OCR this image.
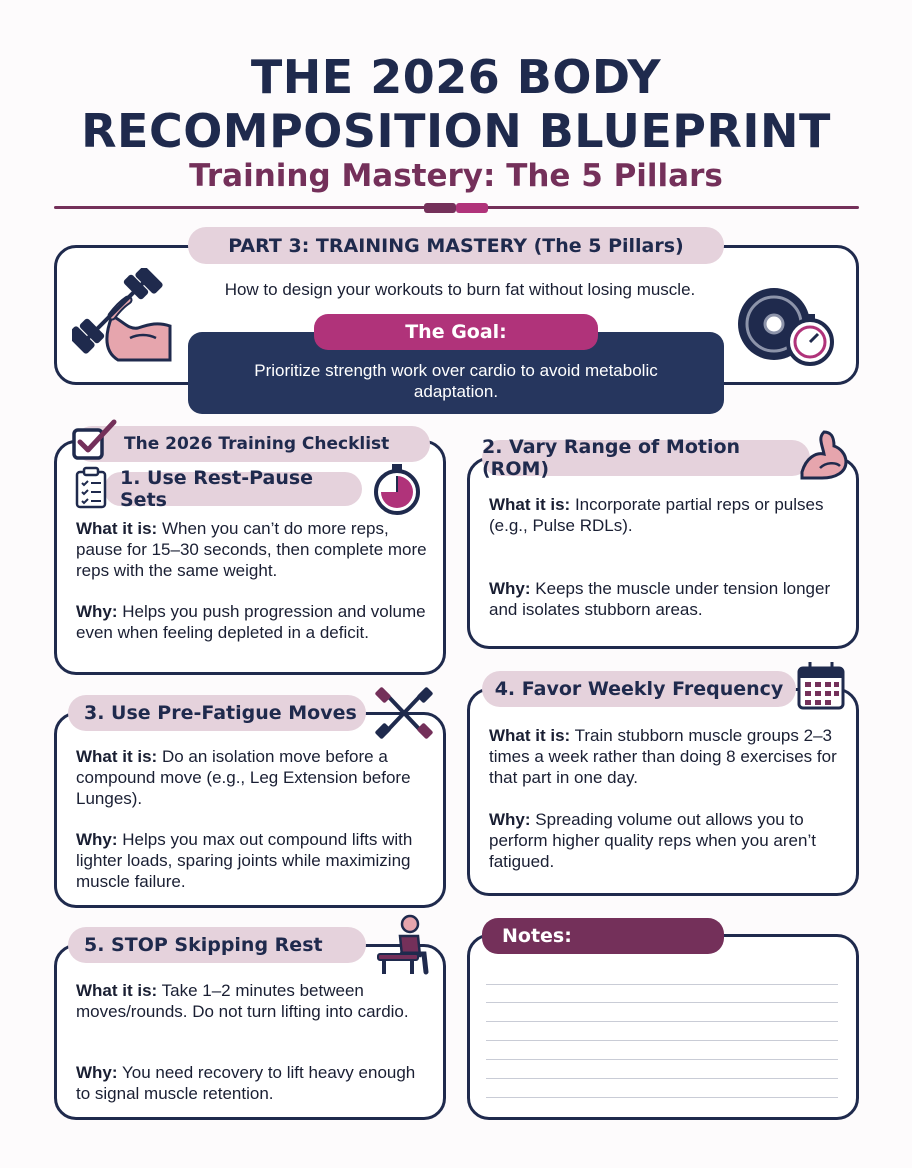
THE 2026 BODY
RECOMPOSITION BLUEPRINT
Training Mastery: The 5 Pillars
PART 3: TRAINING MASTERY (The 5 Pillars)
How to design your workouts to burn fat without losing muscle.
The Goal:
Prioritize strength work over cardio to avoid metabolic adaptation.
The 2026 Training Checklist
1. Use Rest-Pause Sets
What it is: When you can’t do more reps, pause for 15–30 seconds, then complete more reps with the same weight.
Why: Helps you push progression and volume even when feeling depleted in a deficit.
2. Vary Range of Motion (ROM)
What it is: Incorporate partial reps or pulses (e.g., Pulse RDLs).
Why: Keeps the muscle under tension longer and isolates stubborn areas.
3. Use Pre-Fatigue Moves
What it is: Do an isolation move before a compound move (e.g., Leg Extension before Lunges).
Why: Helps you max out compound lifts with lighter loads, sparing joints while maximizing muscle failure.
4. Favor Weekly Frequency
What it is: Train stubborn muscle groups 2–3 times a week rather than doing 8 exercises for that part in one day.
Why: Spreading volume out allows you to perform higher quality reps when you aren’t fatigued.
5. STOP Skipping Rest
What it is: Take 1–2 minutes between moves/rounds. Do not turn lifting into cardio.
Why: You need recovery to lift heavy enough to signal muscle retention.
Notes:
